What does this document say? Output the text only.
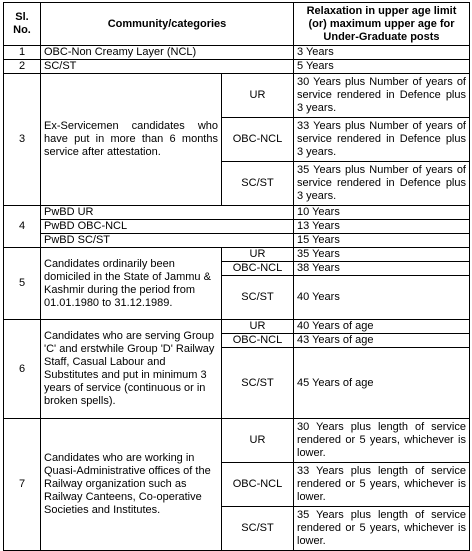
Sl. No.	Community/categories		Relaxation in upper age limit (or) maximum upper age for Under-Graduate posts
1	OBC-Non Creamy Layer (NCL)		3 Years
2	SC/ST		5 Years
3	Ex-Servicemen candidates who have put in more than 6 months service after attestation.	UR	30 Years plus Number of years of service rendered in Defence plus 3 years.
		OBC-NCL	33 Years plus Number of years of service rendered in Defence plus 3 years.
		SC/ST	35 Years plus Number of years of service rendered in Defence plus 3 years.
4	PwBD UR		10 Years
	PwBD OBC-NCL		13 Years
	PwBD SC/ST		15 Years
5	Candidates ordinarily been domiciled in the State of Jammu & Kashmir during the period from 01.01.1980 to 31.12.1989.	UR	35 Years
		OBC-NCL	38 Years
		SC/ST	40 Years
6	Candidates who are serving Group 'C' and erstwhile Group 'D' Railway Staff, Casual Labour and Substitutes and put in minimum 3 years of service (continuous or in broken spells).	UR	40 Years of age
		OBC-NCL	43 Years of age
		SC/ST	45 Years of age
7	Candidates who are working in Quasi-Administrative offices of the Railway organization such as Railway Canteens, Co-operative Societies and Institutes.	UR	30 Years plus length of service rendered or 5 years, whichever is lower.
		OBC-NCL	33 Years plus length of service rendered or 5 years, whichever is lower.
		SC/ST	35 Years plus length of service rendered or 5 years, whichever is lower.
